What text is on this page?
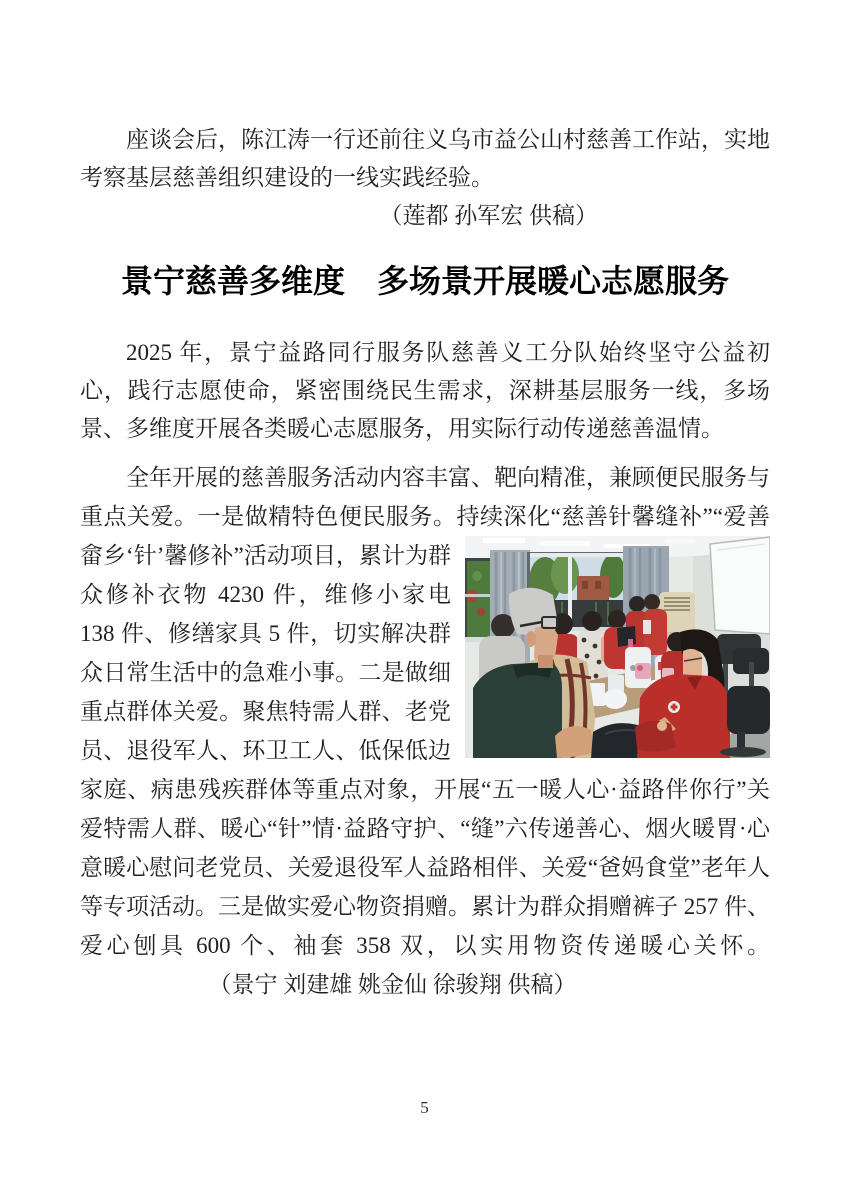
座谈会后，陈江涛一行还前往义乌市益公山村慈善工作站，实地考察基层慈善组织建设的一线实践经验。

（莲都 孙军宏 供稿）

景宁慈善多维度　多场景开展暖心志愿服务

2025 年，景宁益路同行服务队慈善义工分队始终坚守公益初心，践行志愿使命，紧密围绕民生需求，深耕基层服务一线，多场景、多维度开展各类暖心志愿服务，用实际行动传递慈善温情。

全年开展的慈善服务活动内容丰富、靶向精准，兼顾便民服务与重点关爱。一是做精特色便民服务。持续深化“慈善针馨缝
补”“爱善畲乡‘针’馨修补”活动项目，累计为群众修补衣物 4230 件，维修小家电 138 件、修缮家具 5 件，切实解决群众日常生活中的急难小事。二是做细重点群体关爱。聚焦特需人群、老党员、退役军人、环卫工人、低保低边家庭、病患残疾群体等重点对象，开展“五一暖人心·益路伴你行”关爱特需人群、暖心“针”情·益路守护、“缝”六传递善心、烟火暖胃·心意暖心慰问老党员、关爱退役军人益路相伴、关爱“爸妈食堂”老年人等专项活动。三是做实爱心物资捐赠。累计为群众捐赠裤子 257 件、爱心刨具 600 个、袖套 358 双，以实用物资传递暖心关怀。（景宁 刘建雄 姚金仙 徐骏翔 供稿）

5
